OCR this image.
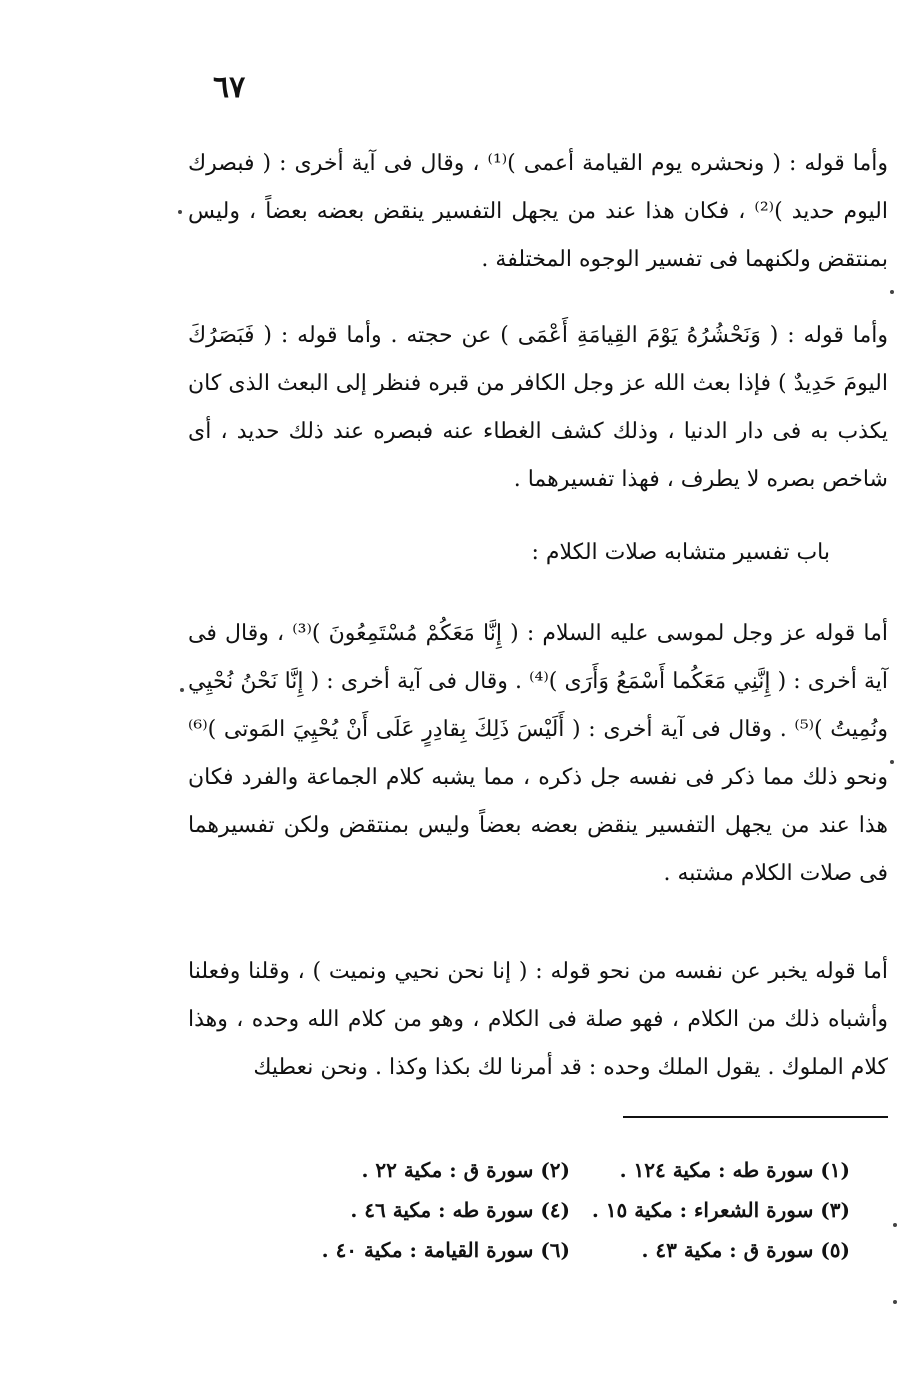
٦٧

وأما قوله : ( ونحشره يوم القيامة أعمى )⁽¹⁾ ، وقال فى آية أخرى : ( فبصرك اليوم حديد )⁽²⁾ ، فكان هذا عند من يجهل التفسير ينقض بعضه بعضاً ، وليس بمنتقض ولكنهما فى تفسير الوجوه المختلفة .

وأما قوله : ( وَنَحْشُرُهُ يَوْمَ القِيامَةِ أَعْمَى ) عن حجته . وأما قوله : ( فَبَصَرُكَ اليومَ حَدِيدٌ ) فإذا بعث الله عز وجل الكافر من قبره فنظر إلى البعث الذى كان يكذب به فى دار الدنيا ، وذلك كشف الغطاء عنه فبصره عند ذلك حديد ، أى شاخص بصره لا يطرف ، فهذا تفسيرهما .

باب تفسير متشابه صلات الكلام :

أما قوله عز وجل لموسى عليه السلام : ( إِنَّا مَعَكُمْ مُسْتَمِعُونَ )⁽³⁾ ، وقال فى آية أخرى : ( إِنَّنِي مَعَكُما أَسْمَعُ وَأَرَى )⁽⁴⁾ . وقال فى آية أخرى : ( إِنَّا نَحْنُ نُحْيِي ونُمِيتُ )⁽⁵⁾ . وقال فى آية أخرى : ( أَلَيْسَ ذَلِكَ بِقادِرٍ عَلَى أَنْ يُحْيِيَ المَوتى )⁽⁶⁾ ونحو ذلك مما ذكر فى نفسه جل ذكره ، مما يشبه كلام الجماعة والفرد فكان هذا عند من يجهل التفسير ينقض بعضه بعضاً وليس بمنتقض ولكن تفسيرهما فى صلات الكلام مشتبه .

أما قوله يخبر عن نفسه من نحو قوله : ( إنا نحن نحيي ونميت ) ، وقلنا وفعلنا وأشباه ذلك من الكلام ، فهو صلة فى الكلام ، وهو من كلام الله وحده ، وهذا كلام الملوك . يقول الملك وحده : قد أمرنا لك بكذا وكذا . ونحن نعطيك

(١) سورة طه : مكية ١٢٤ .
(٢) سورة ق : مكية ٢٢ .
(٣) سورة الشعراء : مكية ١٥ .
(٤) سورة طه : مكية ٤٦ .
(٥) سورة ق : مكية ٤٣ .
(٦) سورة القيامة : مكية ٤٠ .
